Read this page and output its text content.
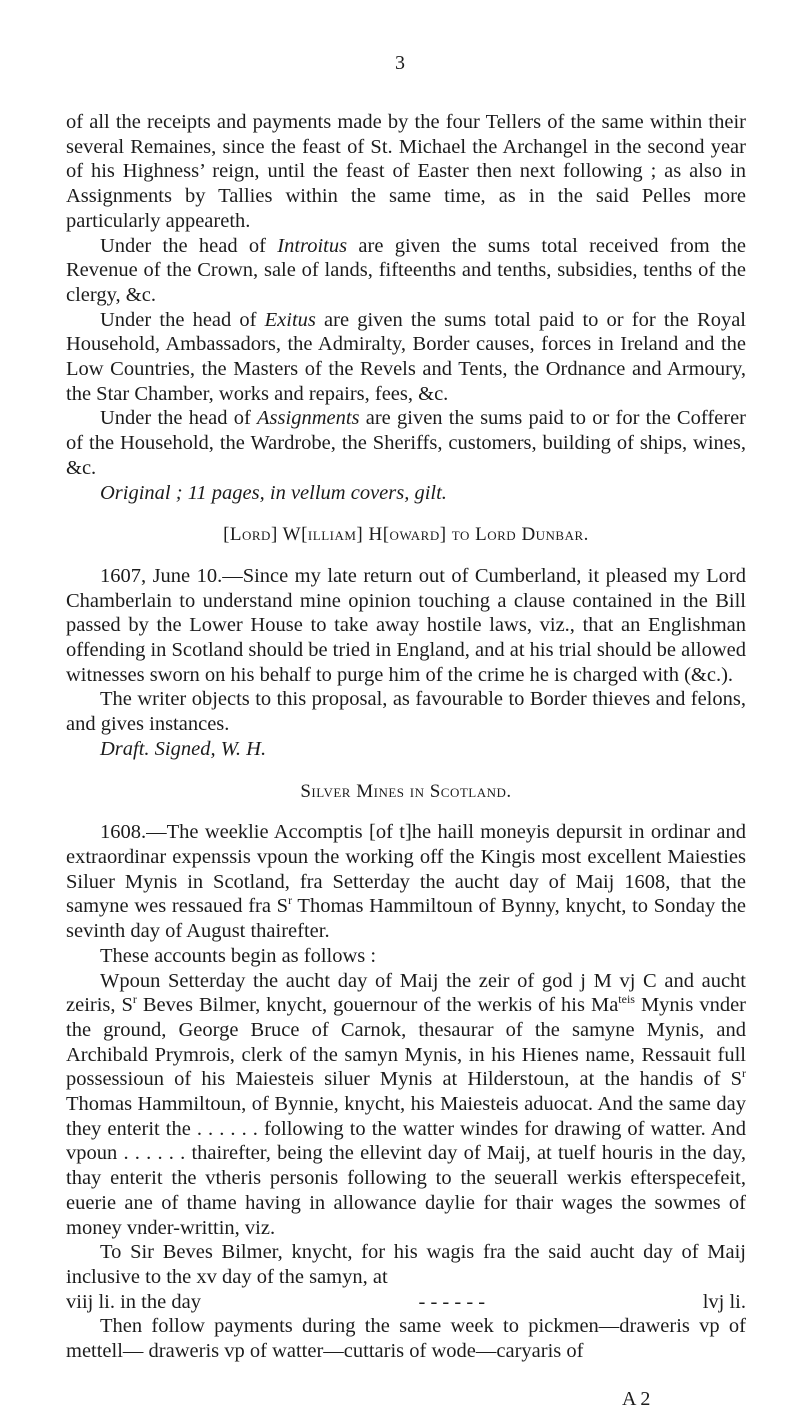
3

of all the receipts and payments made by the four Tellers of the same within their several Remaines, since the feast of St. Michael the Archangel in the second year of his Highness’ reign, until the feast of Easter then next following ; as also in Assignments by Tallies within the same time, as in the said Pelles more particularly appeareth.

Under the head of Introitus are given the sums total received from the Revenue of the Crown, sale of lands, fifteenths and tenths, subsidies, tenths of the clergy, &c.

Under the head of Exitus are given the sums total paid to or for the Royal Household, Ambassadors, the Admiralty, Border causes, forces in Ireland and the Low Countries, the Masters of the Revels and Tents, the Ordnance and Armoury, the Star Chamber, works and repairs, fees, &c.

Under the head of Assignments are given the sums paid to or for the Cofferer of the Household, the Wardrobe, the Sheriffs, customers, building of ships, wines, &c.

Original ; 11 pages, in vellum covers, gilt.

[Lord] W[illiam] H[oward] to Lord Dunbar.

1607, June 10.—Since my late return out of Cumberland, it pleased my Lord Chamberlain to understand mine opinion touching a clause contained in the Bill passed by the Lower House to take away hostile laws, viz., that an Englishman offending in Scotland should be tried in England, and at his trial should be allowed witnesses sworn on his behalf to purge him of the crime he is charged with (&c.).

The writer objects to this proposal, as favourable to Border thieves and felons, and gives instances.

Draft. Signed, W. H.

Silver Mines in Scotland.

1608.—The weeklie Accomptis [of t]he haill moneyis depursit in ordinar and extraordinar expenssis vpoun the working off the Kingis most excellent Maiesties Siluer Mynis in Scotland, fra Setterday the aucht day of Maij 1608, that the samyne wes ressaued fra $S^r$ Thomas Hammiltoun of Bynny, knycht, to Sonday the sevinth day of August thairefter.

These accounts begin as follows :

Wpoun Setterday the aucht day of Maij the zeir of god j M vj C and aucht zeiris, $S^r$ Beves Bilmer, knycht, gouernour of the werkis of his $Ma^{teis}$ Mynis vnder the ground, George Bruce of Carnok, thesaurar of the samyne Mynis, and Archibald Prymrois, clerk of the samyn Mynis, in his Hienes name, Ressauit full possessioun of his Maiesteis siluer Mynis at Hilderstoun, at the handis of $S^r$ Thomas Hammiltoun, of Bynnie, knycht, his Maiesteis aduocat. And the same day they enterit the . . . . . . following to the watter windes for drawing of watter. And vpoun . . . . . . thairefter, being the ellevint day of Maij, at tuelf houris in the day, thay enterit the vtheris personis following to the seuerall werkis efterspecefeit, euerie ane of thame having in allowance daylie for thair wages the sowmes of money vnder-writtin, viz.

To Sir Beves Bilmer, knycht, for his wagis fra the said aucht day of Maij inclusive to the xv day of the samyn, at

viij li. in the day	- - - - - -	lvj li.

Then follow payments during the same week to pickmen—draweris vp of mettell— draweris vp of watter—cuttaris of wode—caryaris of

A 2
